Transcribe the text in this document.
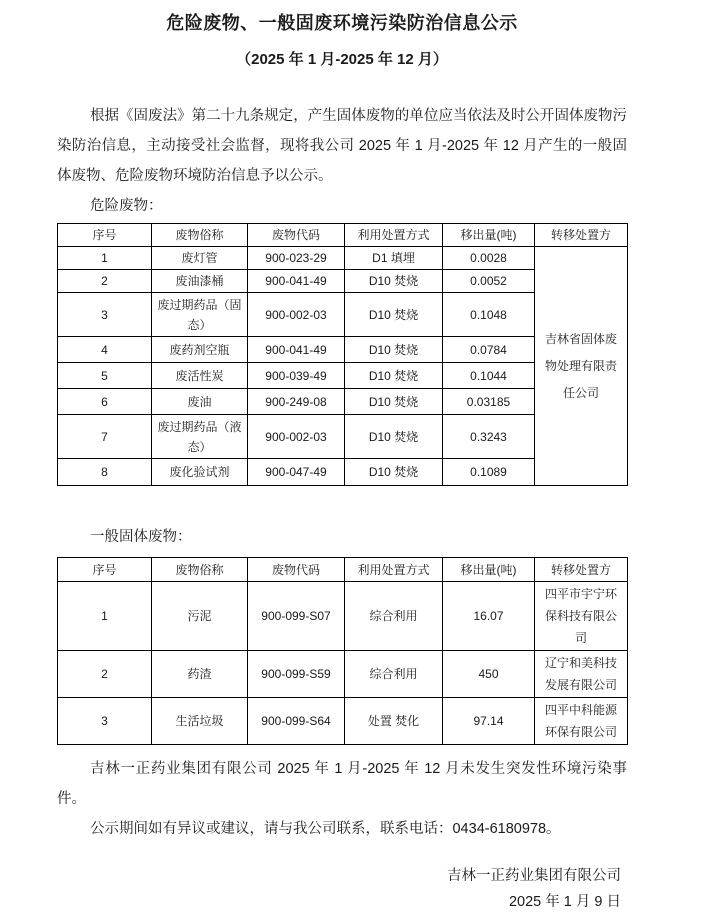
危险废物、一般固废环境污染防治信息公示
（2025 年 1 月-2025 年 12 月）

根据《固废法》第二十九条规定，产生固体废物的单位应当依法及时公开固体废物污染防治信息，主动接受社会监督，现将我公司 2025 年 1 月-2025 年 12 月产生的一般固体废物、危险废物环境防治信息予以公示。

危险废物：

序号	废物俗称	废物代码	利用处置方式	移出量(吨)	转移处置方
1	废灯管	900-023-29	D1 填埋	0.0028	吉林省固体废物处理有限责任公司
2	废油漆桶	900-041-49	D10 焚烧	0.0052	
3	废过期药品（固态）	900-002-03	D10 焚烧	0.1048	
4	废药剂空瓶	900-041-49	D10 焚烧	0.0784	
5	废活性炭	900-039-49	D10 焚烧	0.1044	
6	废油	900-249-08	D10 焚烧	0.03185	
7	废过期药品（液态）	900-002-03	D10 焚烧	0.3243	
8	废化验试剂	900-047-49	D10 焚烧	0.1089	

一般固体废物：

序号	废物俗称	废物代码	利用处置方式	移出量(吨)	转移处置方
1	污泥	900-099-S07	综合利用	16.07	四平市宇宁环保科技有限公司
2	药渣	900-099-S59	综合利用	450	辽宁和美科技发展有限公司
3	生活垃圾	900-099-S64	处置 焚化	97.14	四平中科能源环保有限公司

吉林一正药业集团有限公司 2025 年 1 月-2025 年 12 月未发生突发性环境污染事件。

公示期间如有异议或建议，请与我公司联系，联系电话：0434-6180978。

吉林一正药业集团有限公司
2025 年 1 月 9 日
